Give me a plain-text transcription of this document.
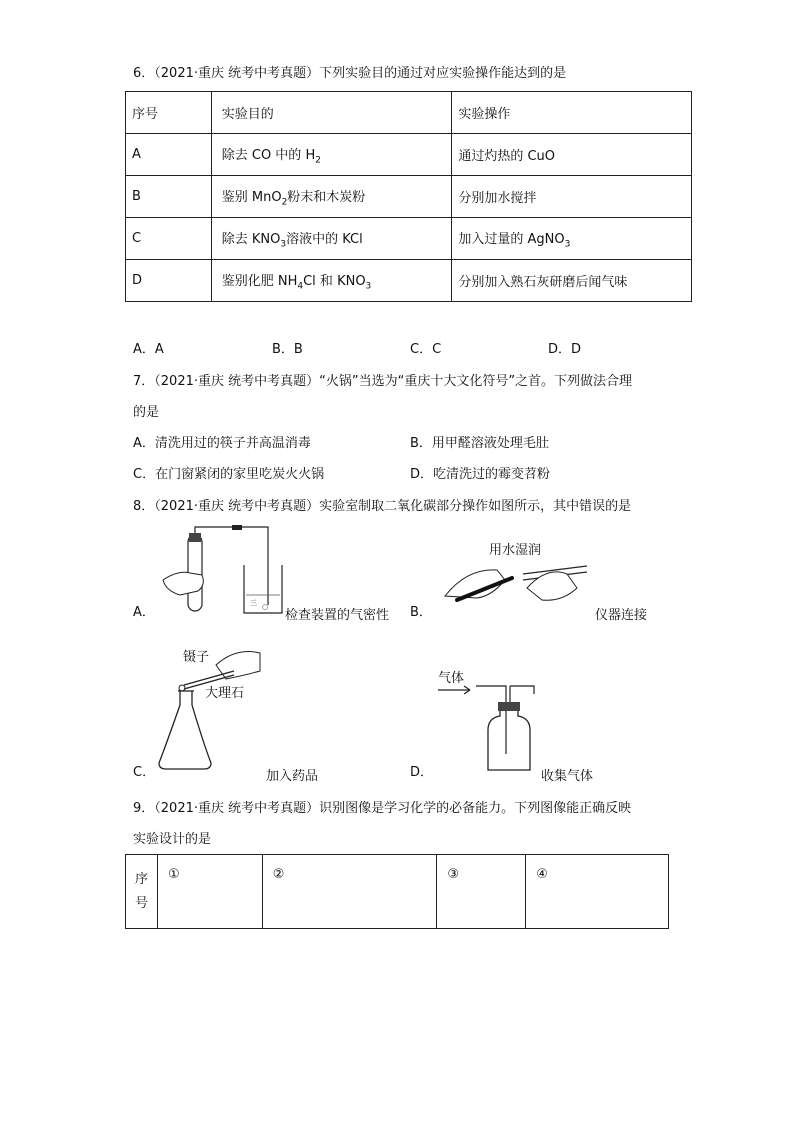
6．（2021·重庆 统考中考真题）下列实验目的通过对应实验操作能达到的是
序号	实验目的	实验操作
A	除去 CO 中的 $H_2$	通过灼热的 CuO
B	鉴别 MnO$_2$粉末和木炭粉	分别加水搅拌
C	除去 $KNO_3$溶液中的 KCl	加入过量的 AgNO$_3$
D	鉴别化肥 $NH_4Cl$ 和 $KNO_3$	分别加入熟石灰研磨后闻气味
A．A	B．B	C．C	D．D
7．（2021·重庆 统考中考真题）“火锅”当选为“重庆十大文化符号”之首。下列做法合理
的是
A．清洗用过的筷子并高温消毒	B．用甲醛溶液处理毛肚
C．在门窗紧闭的家里吃炭火火锅	D．吃清洗过的霉变苕粉
8．（2021·重庆 统考中考真题）实验室制取二氧化碳部分操作如图所示，其中错误的是
A．
三 ○
检查装置的气密性 B．
用水湿润
仪器连接
镊子
大理石
C．	加入药品
气体
D．	收集气体
9．（2021·重庆 统考中考真题）识别图像是学习化学的必备能力。下列图像能正确反映
实验设计的是
序
号
	①	②	③	④
